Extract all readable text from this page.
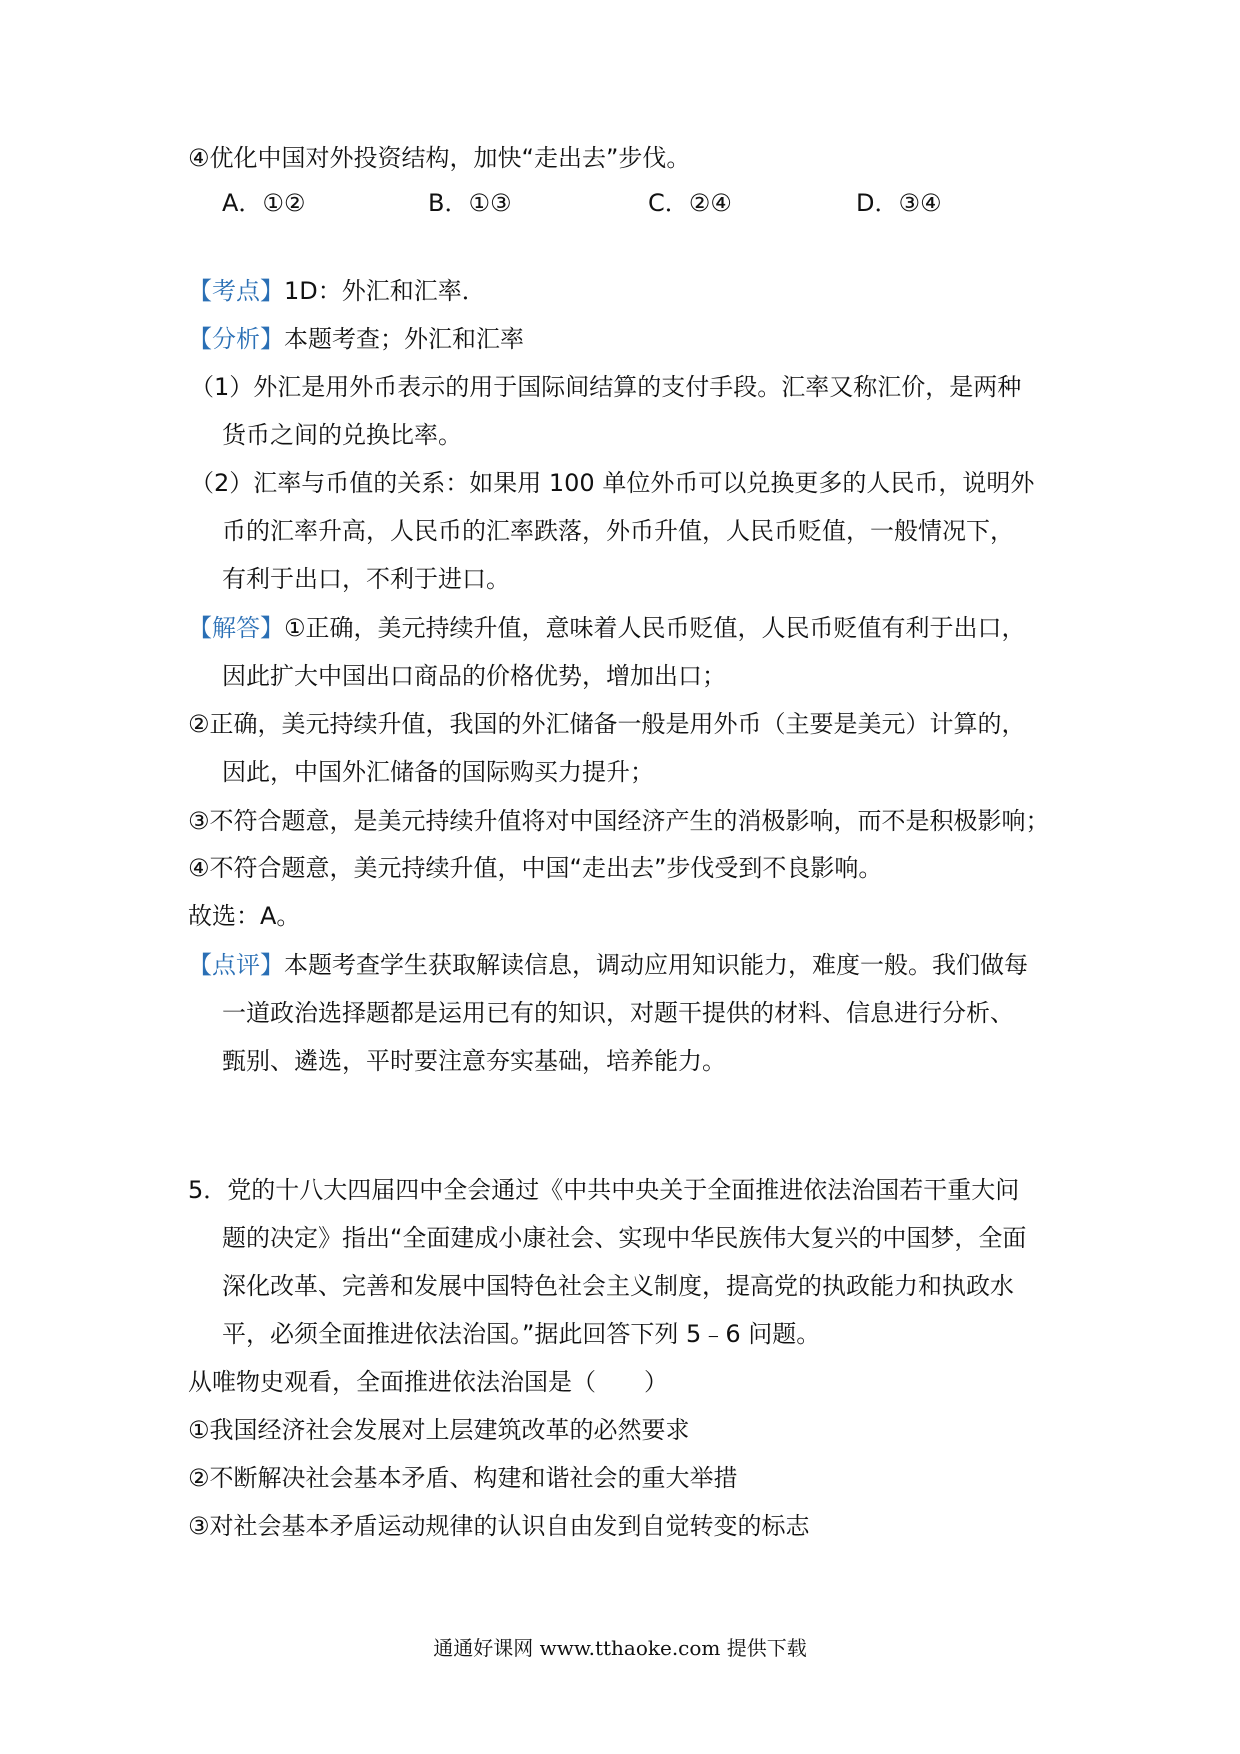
④优化中国对外投资结构，加快“走出去”步伐。
A．①②	B．①③	C．②④	D．③④
【考点】1D：外汇和汇率．
【分析】本题考查；外汇和汇率
（1）外汇是用外币表示的用于国际间结算的支付手段。汇率又称汇价，是两种
货币之间的兑换比率。
（2）汇率与币值的关系：如果用 100 单位外币可以兑换更多的人民币，说明外
币的汇率升高，人民币的汇率跌落，外币升值，人民币贬值，一般情况下，
有利于出口，不利于进口。
【解答】①正确，美元持续升值，意味着人民币贬值，人民币贬值有利于出口，
因此扩大中国出口商品的价格优势，增加出口；
②正确，美元持续升值，我国的外汇储备一般是用外币（主要是美元）计算的，
因此，中国外汇储备的国际购买力提升；
③不符合题意，是美元持续升值将对中国经济产生的消极影响，而不是积极影响；
④不符合题意，美元持续升值，中国“走出去”步伐受到不良影响。
故选：A。
【点评】本题考查学生获取解读信息，调动应用知识能力，难度一般。我们做每
一道政治选择题都是运用已有的知识，对题干提供的材料、信息进行分析、
甄别、遴选，平时要注意夯实基础，培养能力。
5．党的十八大四届四中全会通过《中共中央关于全面推进依法治国若干重大问
题的决定》指出“全面建成小康社会、实现中华民族伟大复兴的中国梦，全面
深化改革、完善和发展中国特色社会主义制度，提高党的执政能力和执政水
平，必须全面推进依法治国。”据此回答下列 5﹣6 问题。
从唯物史观看，全面推进依法治国是（　　）
①我国经济社会发展对上层建筑改革的必然要求
②不断解决社会基本矛盾、构建和谐社会的重大举措
③对社会基本矛盾运动规律的认识自由发到自觉转变的标志
通通好课网 www.tthaoke.com 提供下载
